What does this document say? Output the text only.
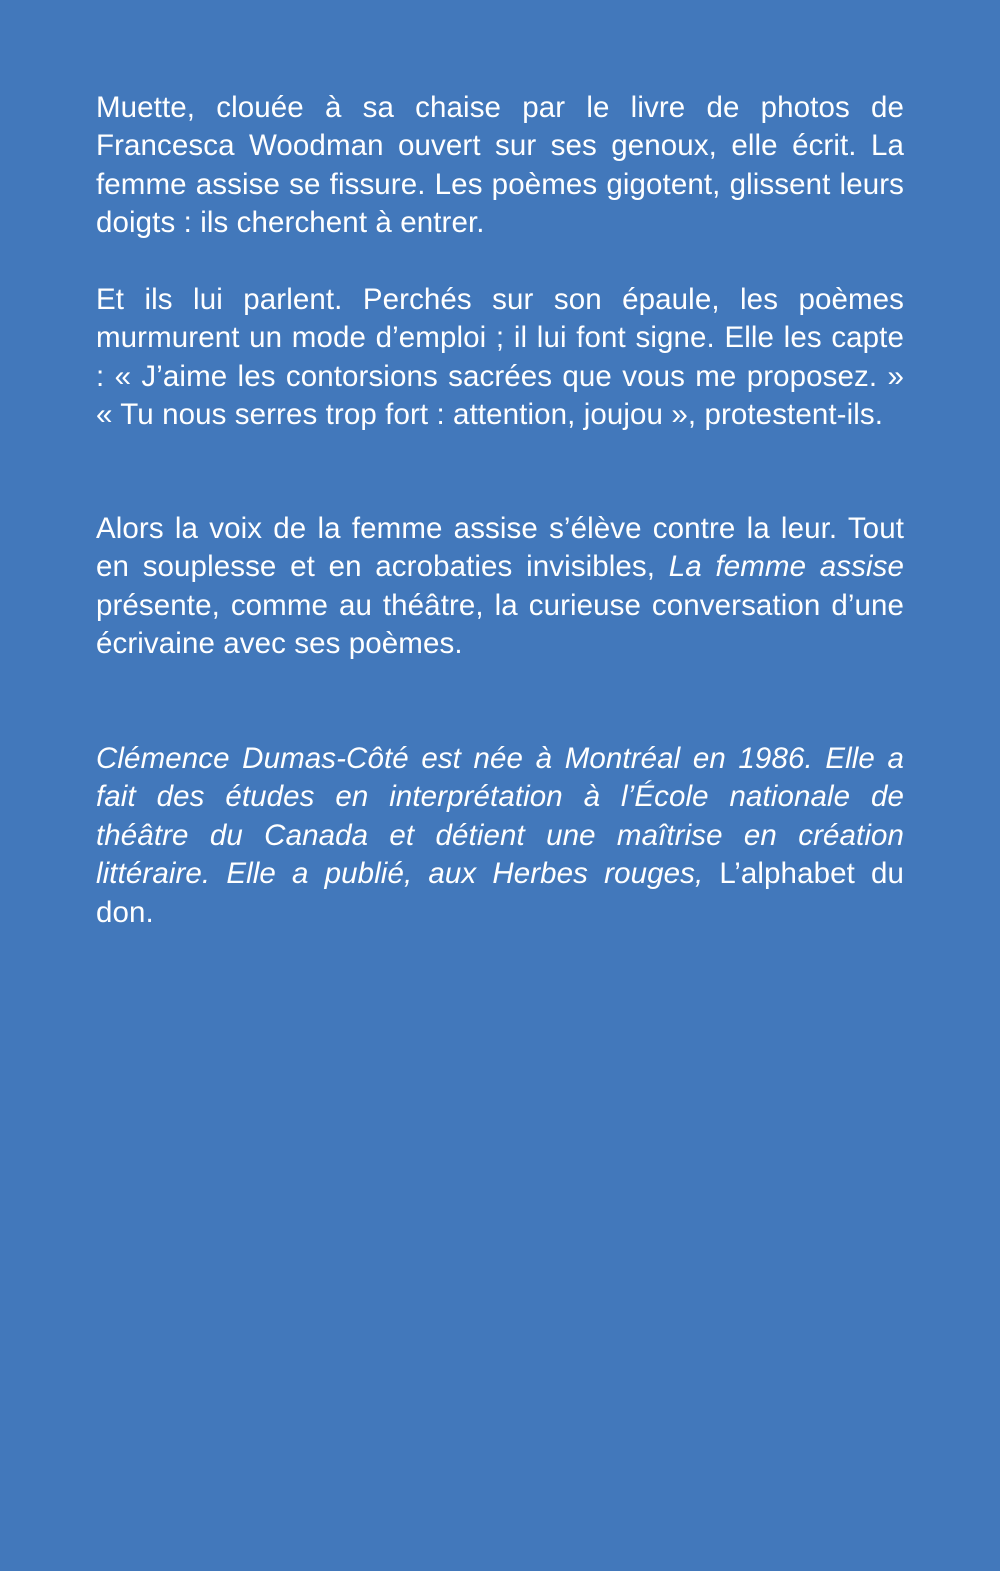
Muette, clouée à sa chaise par le livre de photos de Francesca Woodman ouvert sur ses genoux, elle écrit. La femme assise se fissure. Les poèmes gigotent, glissent leurs doigts : ils cherchent à entrer.

Et ils lui parlent. Perchés sur son épaule, les poèmes murmurent un mode d’emploi ; il lui font signe. Elle les capte : « J’aime les contorsions sacrées que vous me proposez. » « Tu nous serres trop fort : attention, joujou », protestent-ils.

Alors la voix de la femme assise s’élève contre la leur. Tout en souplesse et en acrobaties invisibles, La femme assise présente, comme au théâtre, la curieuse conversation d’une écrivaine avec ses poèmes.

Clémence Dumas-Côté est née à Montréal en 1986. Elle a fait des études en interprétation à l’École nationale de théâtre du Canada et détient une maîtrise en création littéraire. Elle a publié, aux Herbes rouges, L’alphabet du don.
